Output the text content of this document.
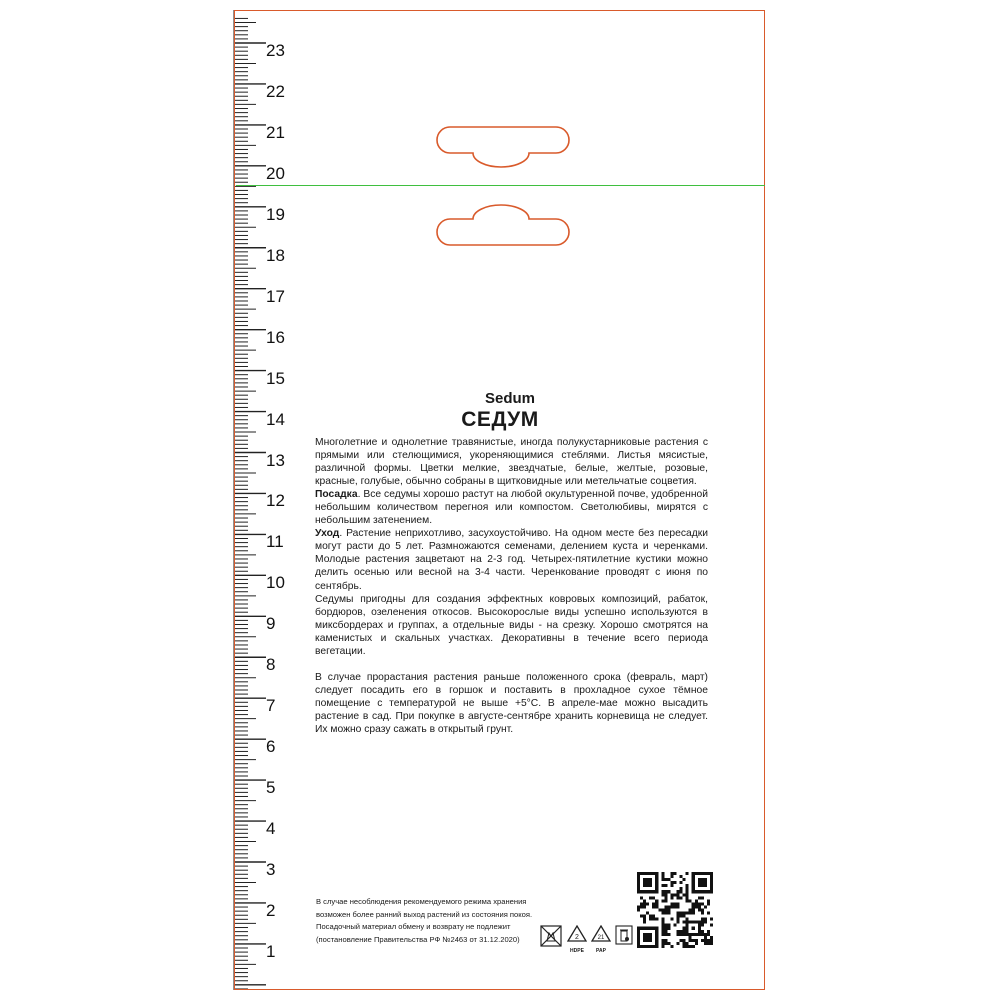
23
22
21
20
19
18
17
16
15
14
13
12
11
10
9
8
7
6
5
4
3
2
1
Sedum
СЕДУМ

Многолетние и однолетние травянистые, иногда полукустарниковые растения с прямыми или стелющимися, укореняющимися стеблями. Листья мясистые, различной формы. Цветки мелкие, звездчатые, белые, желтые, розовые, красные, голубые, обычно собраны в щитковидные или метельчатые соцветия.

Посадка. Все седумы хорошо растут на любой окультуренной почве, удобренной небольшим количеством перегноя или компостом. Светолюбивы, мирятся с небольшим затенением.

Уход. Растение неприхотливо, засухоустойчиво. На одном месте без пересадки могут расти до 5 лет. Размножаются семенами, делением куста и черенками. Молодые растения зацветают на 2-3 год. Четырех-пятилетние кустики можно делить осенью или весной на 3-4 части. Черенкование проводят с июня по сентябрь.

Седумы пригодны для создания эффектных ковровых композиций, рабаток, бордюров, озеленения откосов. Высокорослые виды успешно используются в миксбордерах и группах, а отдельные виды - на срезку. Хорошо смотрятся на каменистых и скальных участках. Декоративны в течение всего периода вегетации.

В случае прорастания растения раньше положенного срока (февраль, март) следует посадить его в горшок и поставить в прохладное сухое тёмное помещение с температурой не выше +5°С. В апреле-мае можно высадить растение в сад. При покупке в августе-сентябре хранить корневища не следует. Их можно сразу сажать в открытый грунт.

В случае несоблюдения рекомендуемого режима хранения
возможен более ранний выход растений из состояния покоя.
Посадочный материал обмену и возврату не подлежит
(постановление Правительства РФ №2463 от 31.12.2020)	2
HDPE
21
PAP
